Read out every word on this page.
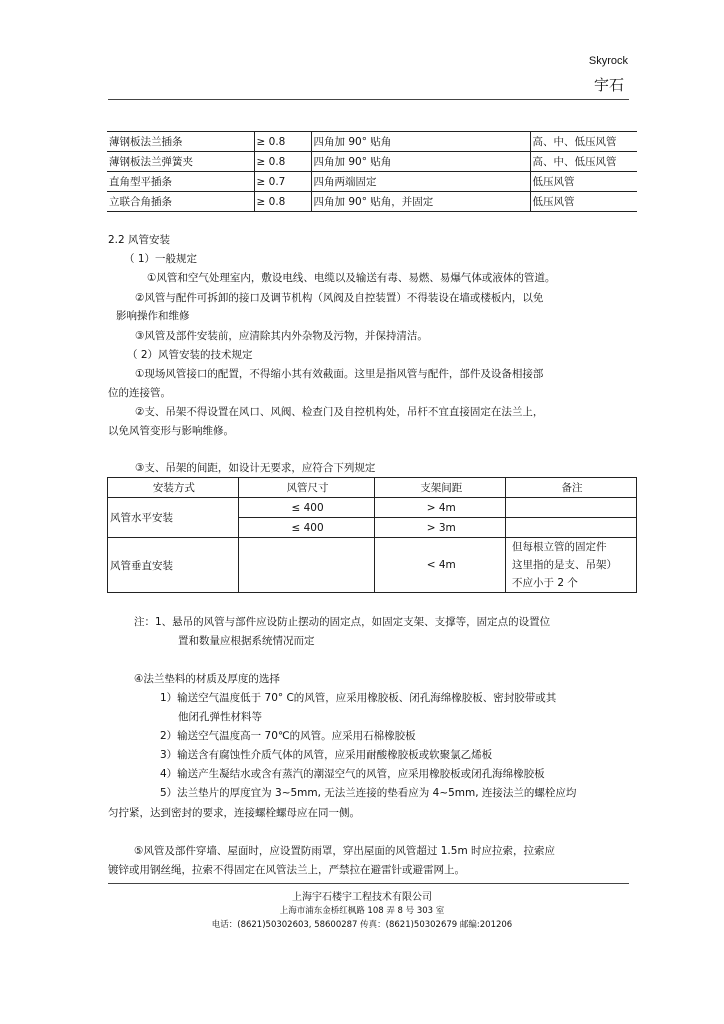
Skyrock
宇石
薄钢板法兰插条	≥ 0.8	四角加 90° 贴角	高、中、低压风管
薄钢板法兰弹簧夹	≥ 0.8	四角加 90° 贴角	高、中、低压风管
直角型平插条	≥ 0.7	四角两端固定	低压风管
立联合角插条	≥ 0.8	四角加 90° 贴角，并固定	低压风管
2.2 风管安装
（ 1）一般规定
①风管和空气处理室内，敷设电线、电缆以及输送有毒、易燃、易爆气体或液体的管道。
②风管与配件可拆卸的接口及调节机构（风阀及自控装置）不得装设在墙或楼板内，以免
影响操作和维修
③风管及部件安装前，应清除其内外杂物及污物，并保持清洁。
（ 2）风管安装的技术规定
①现场风管接口的配置，不得缩小其有效截面。这里是指风管与配件，部件及设备相接部
位的连接管。
②支、吊架不得设置在风口、风阀、检查门及自控机构处，吊杆不宜直接固定在法兰上，
以免风管变形与影响维修。
③支、吊架的间距，如设计无要求，应符合下列规定
安装方式	风管尺寸	支架间距	备注
风管水平安装	≤ 400	> 4m	
	≤ 400	> 3m	
风管垂直安装		< 4m	但每根立管的固定件
这里指的是支、吊架）
不应小于 2 个
注：1、悬吊的风管与部件应设防止摆动的固定点，如固定支架、支撑等，固定点的设置位
置和数量应根据系统情况而定
④法兰垫料的材质及厚度的选择
1）输送空气温度低于 70° C的风管，应采用橡胶板、闭孔海绵橡胶板、密封胶带或其
他闭孔弹性材料等
2）输送空气温度高一 70℃的风管。应采用石棉橡胶板
3）输送含有腐蚀性介质气体的风管，应采用耐酸橡胶板或软聚氯乙烯板
4）输送产生凝结水或含有蒸汽的潮湿空气的风管，应采用橡胶板或闭孔海绵橡胶板
5）法兰垫片的厚度宜为 3~5mm, 无法兰连接的垫看应为 4~5mm, 连接法兰的螺栓应均
匀拧紧，达到密封的要求，连接螺栓螺母应在同一侧。
⑤风管及部件穿墙、屋面时，应设置防雨罩，穿出屋面的风管超过 1.5m 时应拉索，拉索应
镀锌或用钢丝绳，拉索不得固定在风管法兰上，严禁拉在避雷针或避雷网上。
上海宇石楼宇工程技术有限公司
上海市浦东金桥红枫路 108 弄 8 号 303 室
电话：(8621)50302603, 58600287 传真：(8621)50302679 邮编:201206
